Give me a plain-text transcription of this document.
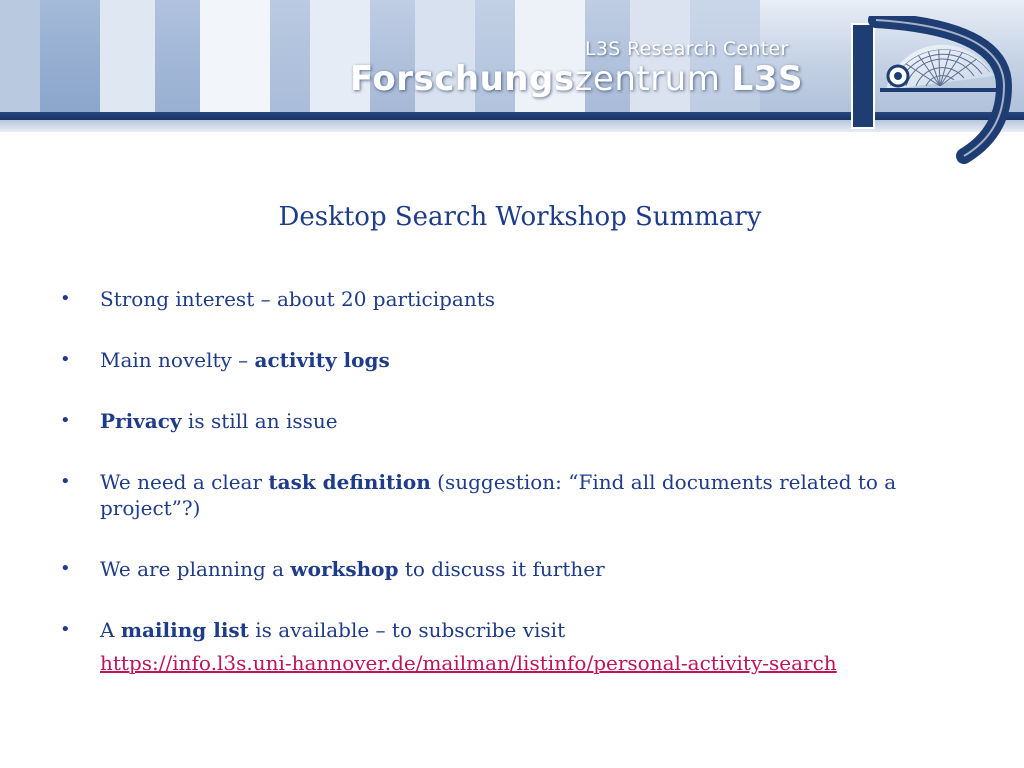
L3S Research Center
Forschungszentrum L3S
Desktop Search Workshop Summary
• Strong interest – about 20 participants
• Main novelty – activity logs
• Privacy is still an issue
• We need a clear task definition (suggestion: “Find all documents related to a project”?)
• We are planning a workshop to discuss it further
• A mailing list is available – to subscribe visit
https://info.l3s.uni-hannover.de/mailman/listinfo/personal-activity-search
